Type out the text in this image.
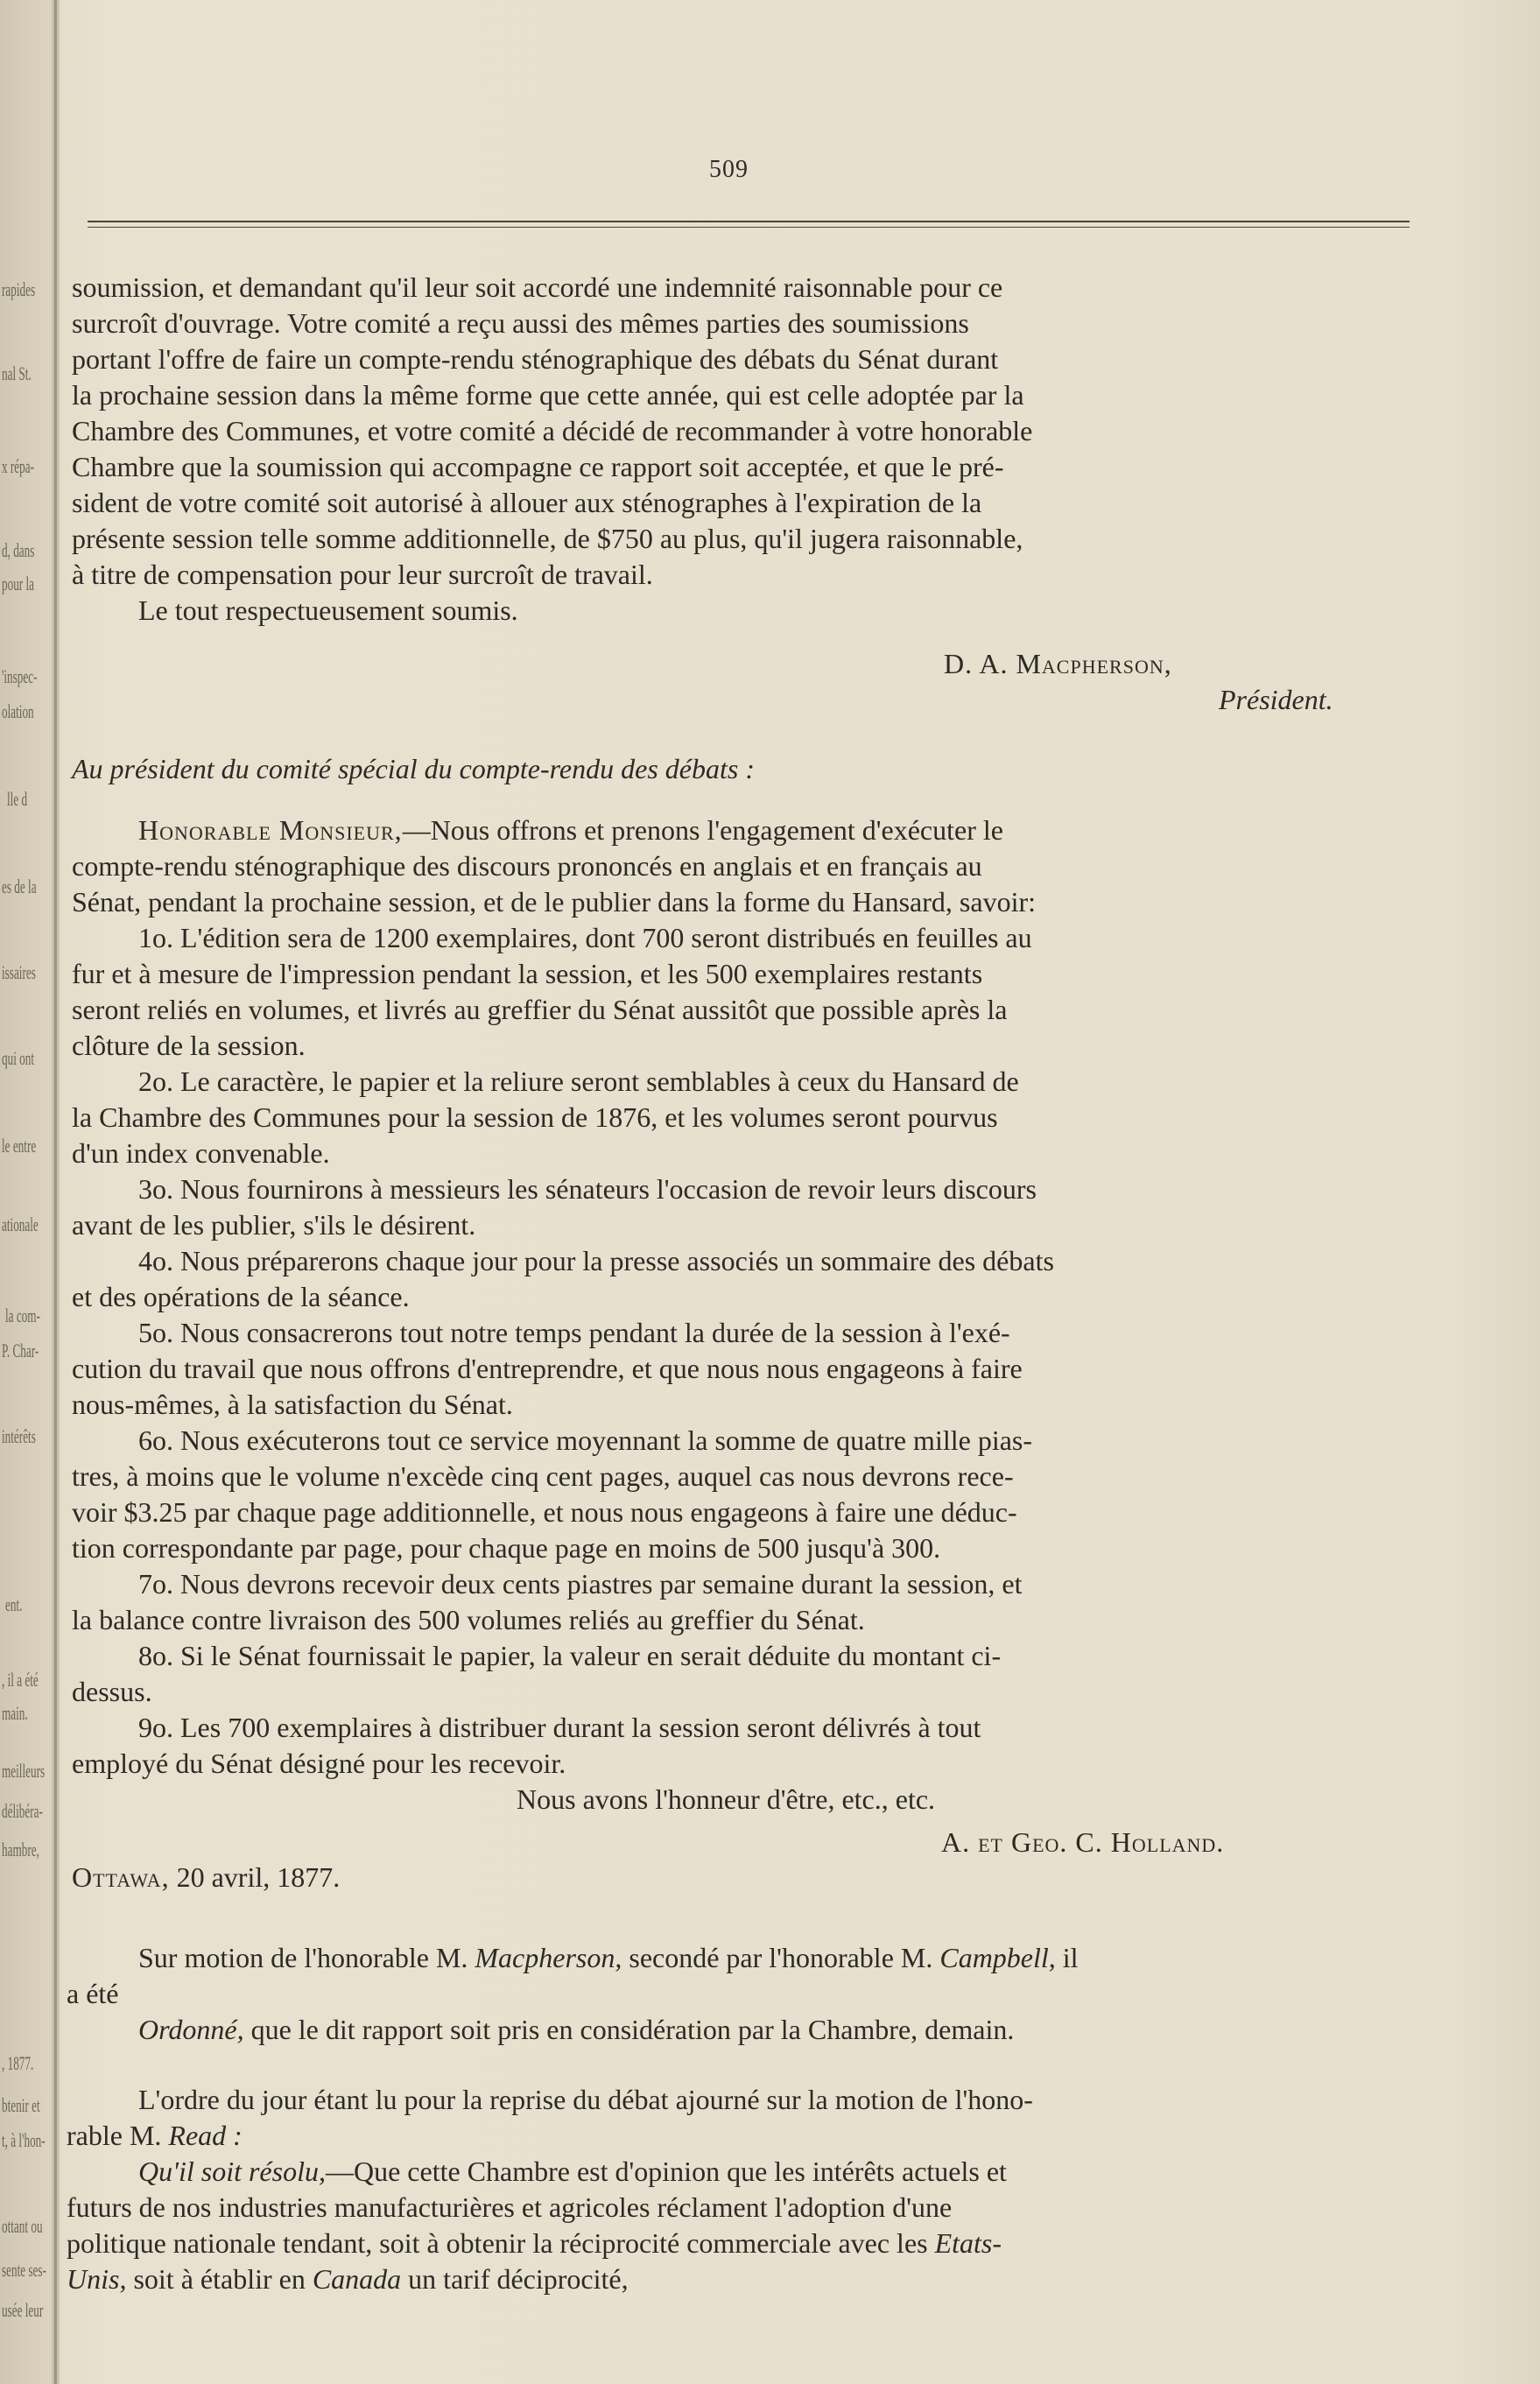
rapides
nal St.
x répa-
d, dans
pour la
'inspec-
olation
lle d
es de la
issaires
qui ont
le entre
ationale
la com-
P. Char-
intérêts
ent.
, il a été
main.
meilleurs
délibéra-
hambre,
, 1877.
btenir et
t, à l'hon-
ottant ou
sente ses-
usée leur
509
soumission, et demandant qu'il leur soit accordé une indemnité raisonnable pour ce
surcroît d'ouvrage. Votre comité a reçu aussi des mêmes parties des soumissions
portant l'offre de faire un compte-rendu sténographique des débats du Sénat durant
la prochaine session dans la même forme que cette année, qui est celle adoptée par la
Chambre des Communes, et votre comité a décidé de recommander à votre honorable
Chambre que la soumission qui accompagne ce rapport soit acceptée, et que le pré-
sident de votre comité soit autorisé à allouer aux sténographes à l'expiration de la
présente session telle somme additionnelle, de $750 au plus, qu'il jugera raisonnable,
à titre de compensation pour leur surcroît de travail.
Le tout respectueusement soumis.
D. A. Macpherson,
Président.
Au président du comité spécial du compte-rendu des débats :
Honorable Monsieur,—Nous offrons et prenons l'engagement d'exécuter le
compte-rendu sténographique des discours prononcés en anglais et en français au
Sénat, pendant la prochaine session, et de le publier dans la forme du Hansard, savoir:
1o. L'édition sera de 1200 exemplaires, dont 700 seront distribués en feuilles au
fur et à mesure de l'impression pendant la session, et les 500 exemplaires restants
seront reliés en volumes, et livrés au greffier du Sénat aussitôt que possible après la
clôture de la session.
2o. Le caractère, le papier et la reliure seront semblables à ceux du Hansard de
la Chambre des Communes pour la session de 1876, et les volumes seront pourvus
d'un index convenable.
3o. Nous fournirons à messieurs les sénateurs l'occasion de revoir leurs discours
avant de les publier, s'ils le désirent.
4o. Nous préparerons chaque jour pour la presse associés un sommaire des débats
et des opérations de la séance.
5o. Nous consacrerons tout notre temps pendant la durée de la session à l'exé-
cution du travail que nous offrons d'entreprendre, et que nous nous engageons à faire
nous-mêmes, à la satisfaction du Sénat.
6o. Nous exécuterons tout ce service moyennant la somme de quatre mille pias-
tres, à moins que le volume n'excède cinq cent pages, auquel cas nous devrons rece-
voir $3.25 par chaque page additionnelle, et nous nous engageons à faire une déduc-
tion correspondante par page, pour chaque page en moins de 500 jusqu'à 300.
7o. Nous devrons recevoir deux cents piastres par semaine durant la session, et
la balance contre livraison des 500 volumes reliés au greffier du Sénat.
8o. Si le Sénat fournissait le papier, la valeur en serait déduite du montant ci-
dessus.
9o. Les 700 exemplaires à distribuer durant la session seront délivrés à tout
employé du Sénat désigné pour les recevoir.
Nous avons l'honneur d'être, etc., etc.
A. et Geo. C. Holland.
Ottawa, 20 avril, 1877.
Sur motion de l'honorable M. Macpherson, secondé par l'honorable M. Campbell, il
a été
Ordonné, que le dit rapport soit pris en considération par la Chambre, demain.
L'ordre du jour étant lu pour la reprise du débat ajourné sur la motion de l'hono-
rable M. Read :
Qu'il soit résolu,—Que cette Chambre est d'opinion que les intérêts actuels et
futurs de nos industries manufacturières et agricoles réclament l'adoption d'une
politique nationale tendant, soit à obtenir la réciprocité commerciale avec les Etats-
Unis, soit à établir en Canada un tarif déciprocité,
